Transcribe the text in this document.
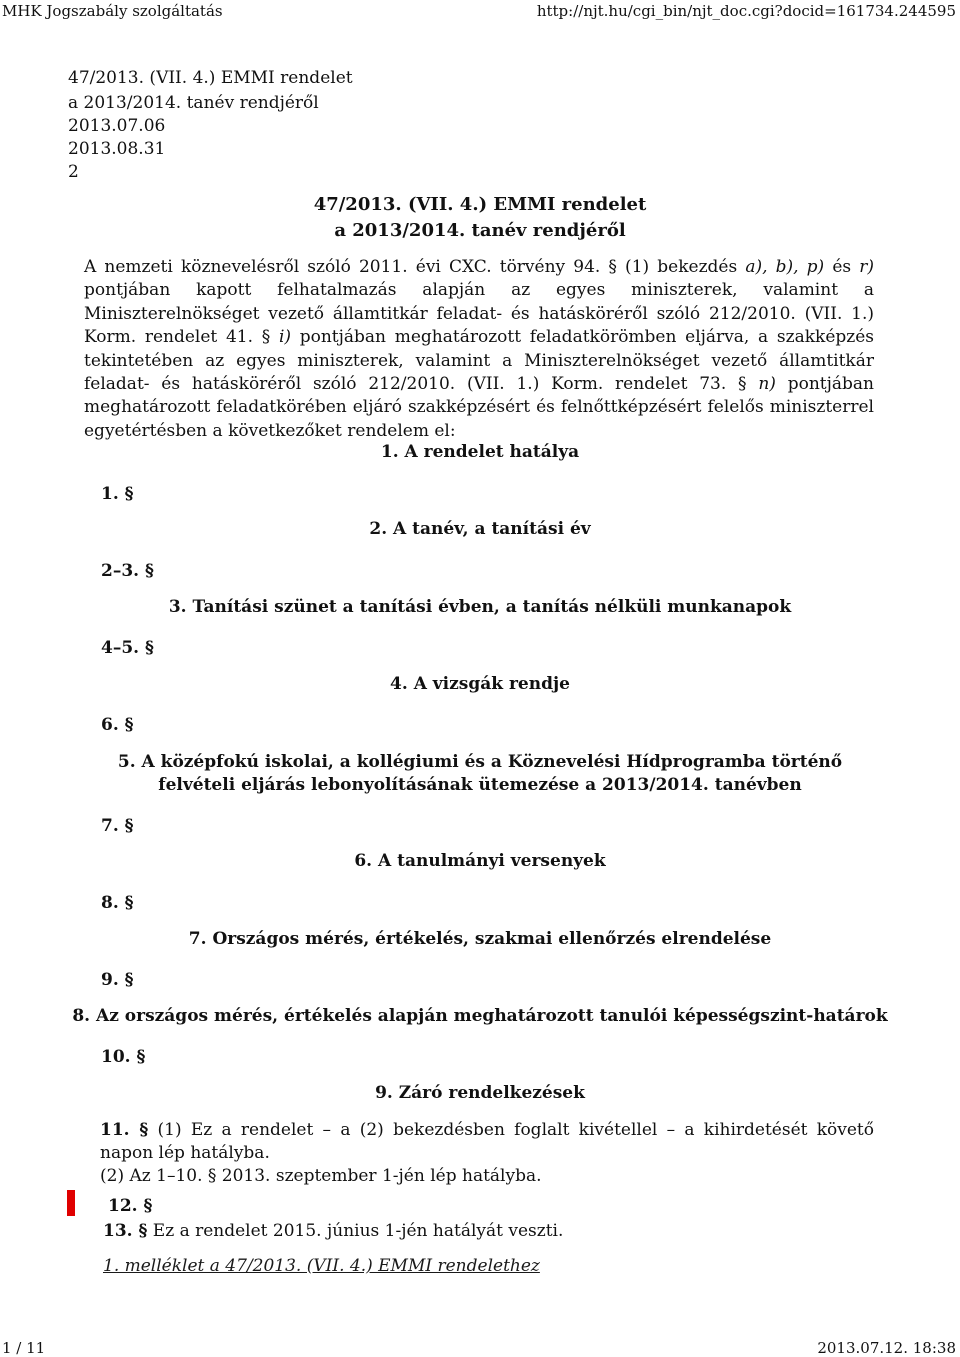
MHK Jogszabály szolgáltatás	http://njt.hu/cgi_bin/njt_doc.cgi?docid=161734.244595
47/2013. (VII. 4.) EMMI rendelet
a 2013/2014. tanév rendjéről
2013.07.06
2013.08.31
2
47/2013. (VII. 4.) EMMI rendelet
a 2013/2014. tanév rendjéről

A nemzeti köznevelésről szóló 2011. évi CXC. törvény 94. § (1) bekezdés a), b), p) és r) pontjában kapott felhatalmazás alapján az egyes miniszterek, valamint a Miniszterelnökséget vezető államtitkár feladat- és hatásköréről szóló 212/2010. (VII. 1.) Korm. rendelet 41. § i) pontjában meghatározott feladatkörömben eljárva, a szakképzés tekintetében az egyes miniszterek, valamint a Miniszterelnökséget vezető államtitkár feladat- és hatásköréről szóló 212/2010. (VII. 1.) Korm. rendelet 73. § n) pontjában meghatározott feladatkörében eljáró szakképzésért és felnőttképzésért felelős miniszterrel egyetértésben a következőket rendelem el:

1. A rendelet hatálya
1. §
2. A tanév, a tanítási év
2–3. §
3. Tanítási szünet a tanítási évben, a tanítás nélküli munkanapok
4–5. §
4. A vizsgák rendje
6. §
5. A középfokú iskolai, a kollégiumi és a Köznevelési Hídprogramba történő felvételi eljárás lebonyolításának ütemezése a 2013/2014. tanévben
7. §
6. A tanulmányi versenyek
8. §
7. Országos mérés, értékelés, szakmai ellenőrzés elrendelése
9. §
8. Az országos mérés, értékelés alapján meghatározott tanulói képességszint-határok
10. §
9. Záró rendelkezések

11. § (1) Ez a rendelet – a (2) bekezdésben foglalt kivétellel – a kihirdetését követő napon lép hatályba.

(2) Az 1–10. § 2013. szeptember 1-jén lép hatályba.
12. §
13. § Ez a rendelet 2015. június 1-jén hatályát veszti.
1. melléklet a 47/2013. (VII. 4.) EMMI rendelethez
1 / 11	2013.07.12. 18:38
